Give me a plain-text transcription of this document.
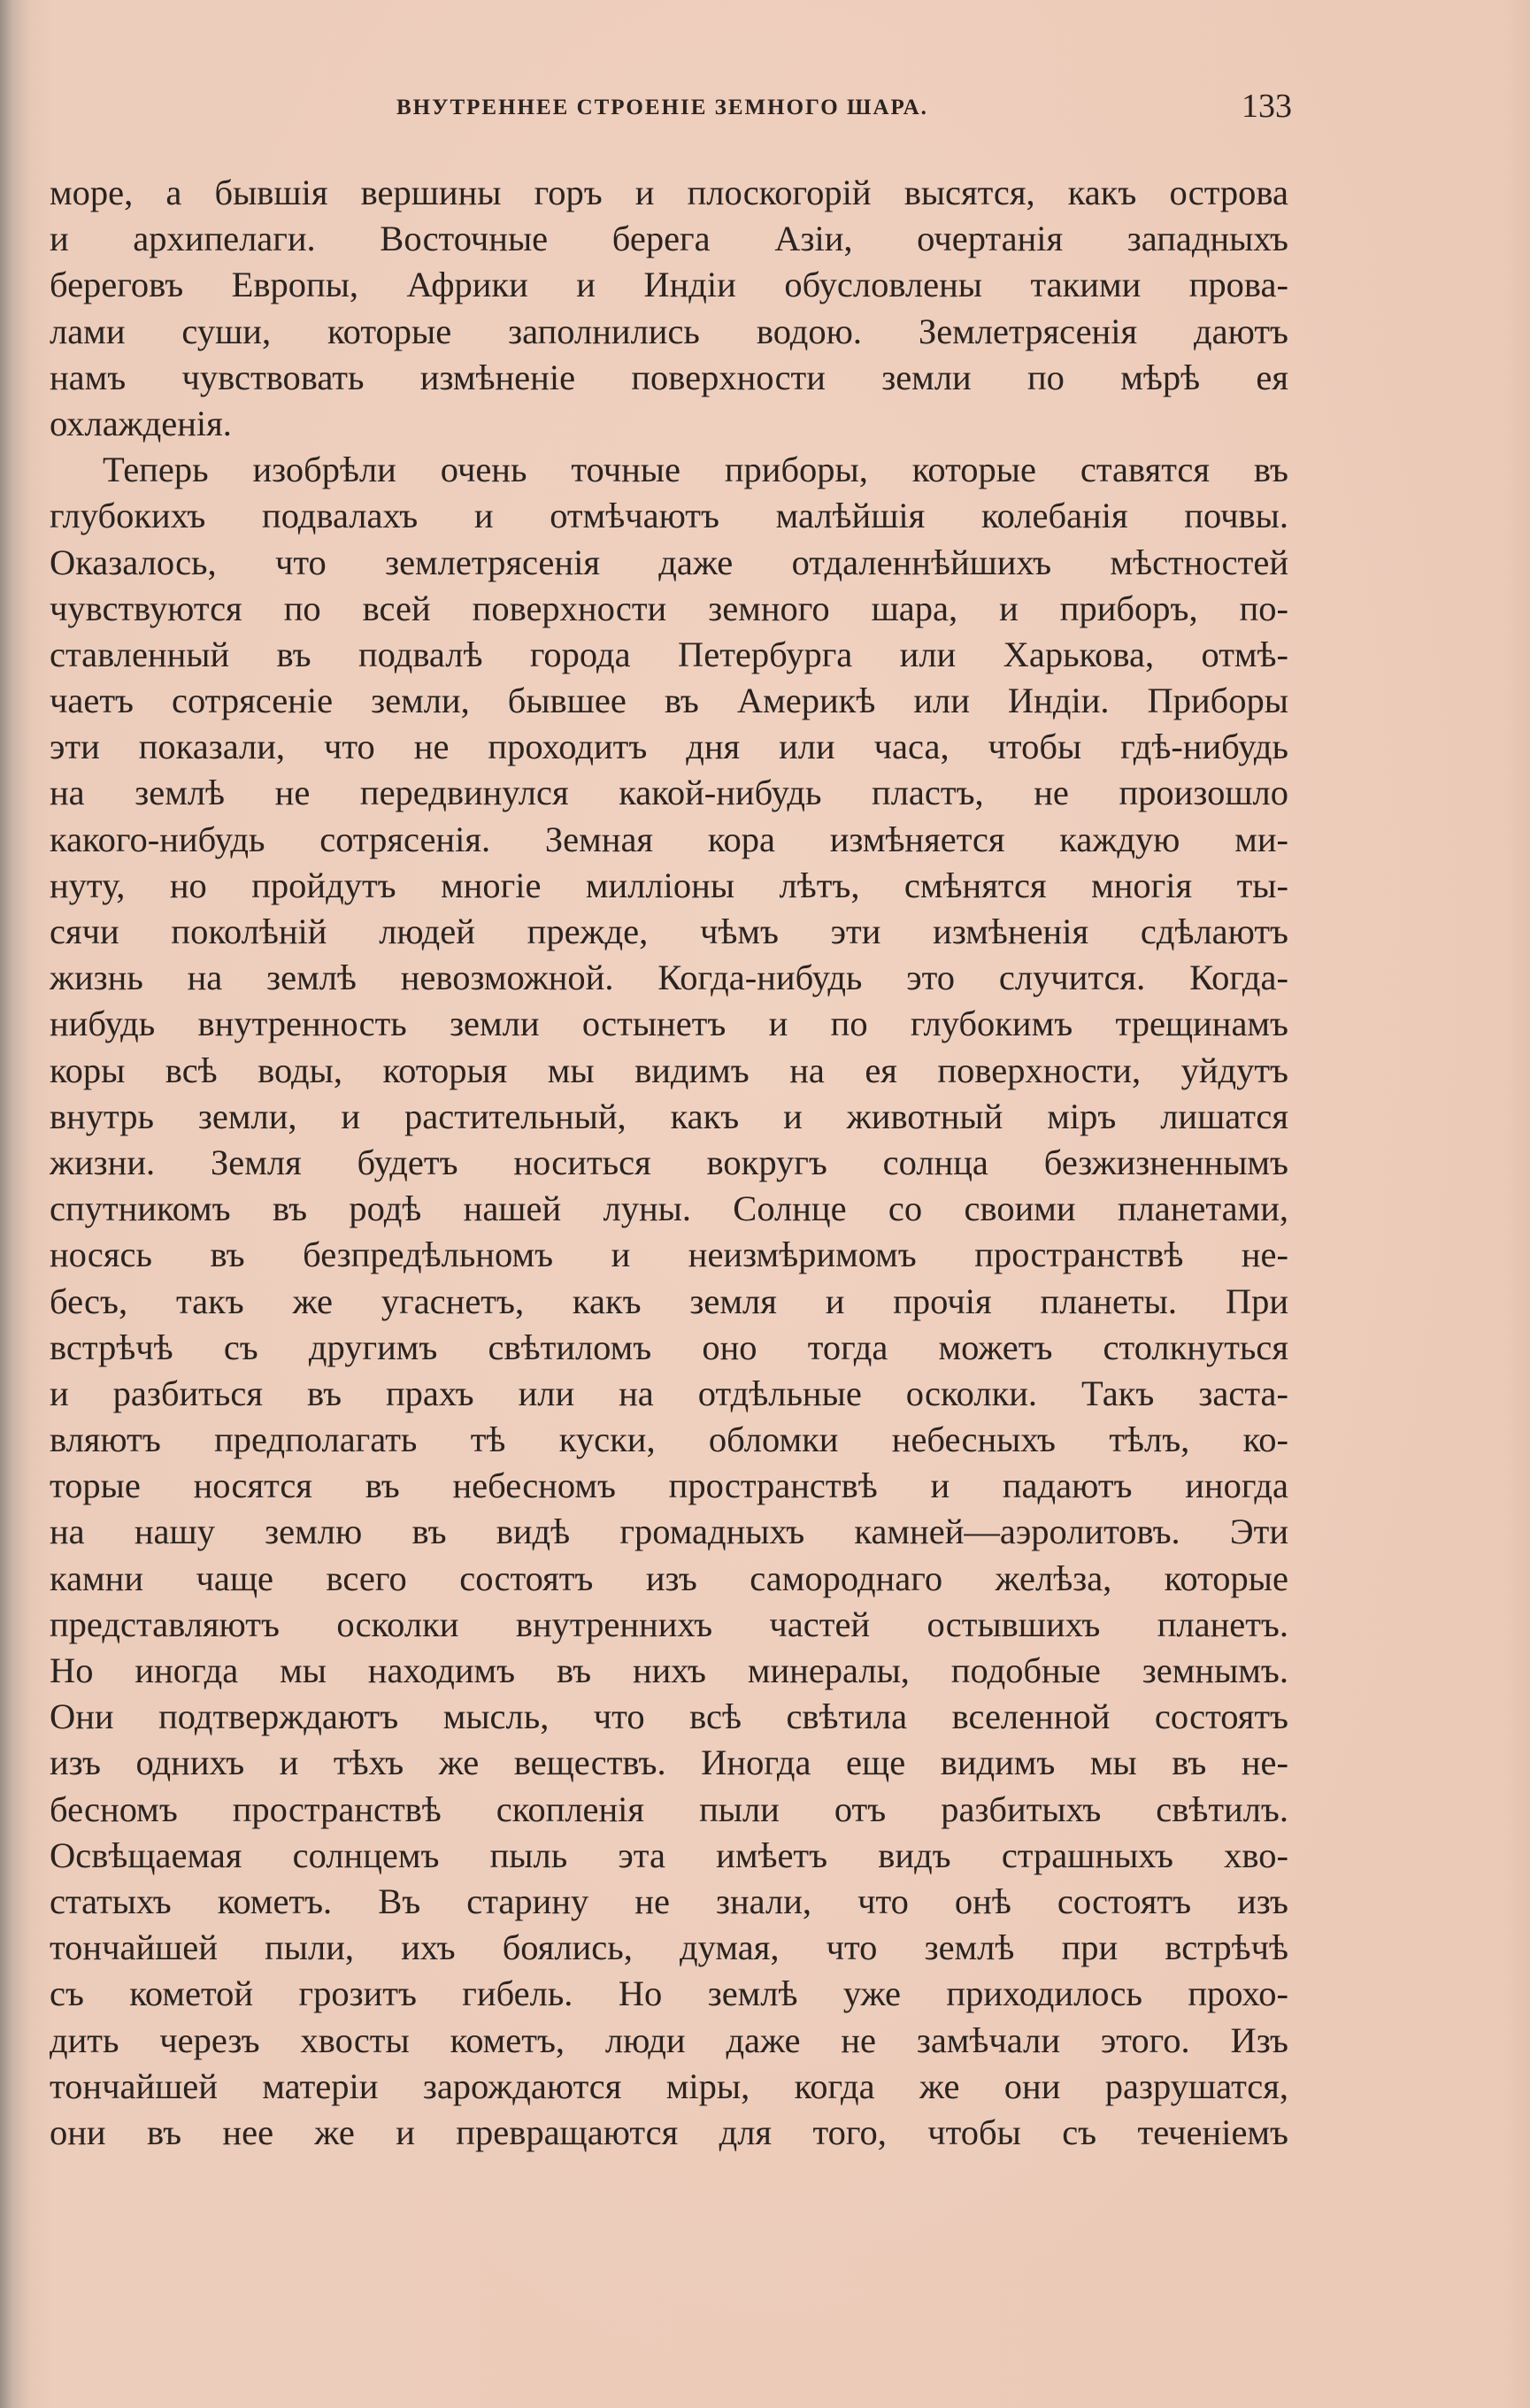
ВНУТРЕННЕЕ СТРОЕНІЕ ЗЕМНОГО ШАРА.	133
море, а бывшія вершины горъ и плоскогорій высятся, какъ острова
и архипелаги. Восточные берега Азіи, очертанія западныхъ
береговъ Европы, Африки и Индіи обусловлены такими прова-
лами суши, которые заполнились водою. Землетрясенія даютъ
намъ чувствовать измѣненіе поверхности земли по мѣрѣ ея
охлажденія.
Теперь изобрѣли очень точные приборы, которые ставятся въ
глубокихъ подвалахъ и отмѣчаютъ малѣйшія колебанія почвы.
Оказалось, что землетрясенія даже отдаленнѣйшихъ мѣстностей
чувствуются по всей поверхности земного шара, и приборъ, по-
ставленный въ подвалѣ города Петербурга или Харькова, отмѣ-
чаетъ сотрясеніе земли, бывшее въ Америкѣ или Индіи. Приборы
эти показали, что не проходитъ дня или часа, чтобы гдѣ-нибудь
на землѣ не передвинулся какой-нибудь пластъ, не произошло
какого-нибудь сотрясенія. Земная кора измѣняется каждую ми-
нуту, но пройдутъ многіе милліоны лѣтъ, смѣнятся многія ты-
сячи поколѣній людей прежде, чѣмъ эти измѣненія сдѣлаютъ
жизнь на землѣ невозможной. Когда-нибудь это случится. Когда-
нибудь внутренность земли остынетъ и по глубокимъ трещинамъ
коры всѣ воды, которыя мы видимъ на ея поверхности, уйдутъ
внутрь земли, и растительный, какъ и животный міръ лишатся
жизни. Земля будетъ носиться вокругъ солнца безжизненнымъ
спутникомъ въ родѣ нашей луны. Солнце со своими планетами,
носясь въ безпредѣльномъ и неизмѣримомъ пространствѣ не-
бесъ, такъ же угаснетъ, какъ земля и прочія планеты. При
встрѣчѣ съ другимъ свѣтиломъ оно тогда можетъ столкнуться
и разбиться въ прахъ или на отдѣльные осколки. Такъ заста-
вляютъ предполагать тѣ куски, обломки небесныхъ тѣлъ, ко-
торые носятся въ небесномъ пространствѣ и падаютъ иногда
на нашу землю въ видѣ громадныхъ камней—аэролитовъ. Эти
камни чаще всего состоятъ изъ самороднаго желѣза, которые
представляютъ осколки внутреннихъ частей остывшихъ планетъ.
Но иногда мы находимъ въ нихъ минералы, подобные земнымъ.
Они подтверждаютъ мысль, что всѣ свѣтила вселенной состоятъ
изъ однихъ и тѣхъ же веществъ. Иногда еще видимъ мы въ не-
бесномъ пространствѣ скопленія пыли отъ разбитыхъ свѣтилъ.
Освѣщаемая солнцемъ пыль эта имѣетъ видъ страшныхъ хво-
статыхъ кометъ. Въ старину не знали, что онѣ состоятъ изъ
тончайшей пыли, ихъ боялись, думая, что землѣ при встрѣчѣ
съ кометой грозитъ гибель. Но землѣ уже приходилось прохо-
дить черезъ хвосты кометъ, люди даже не замѣчали этого. Изъ
тончайшей матеріи зарождаются міры, когда же они разрушатся,
они въ нее же и превращаются для того, чтобы съ теченіемъ
